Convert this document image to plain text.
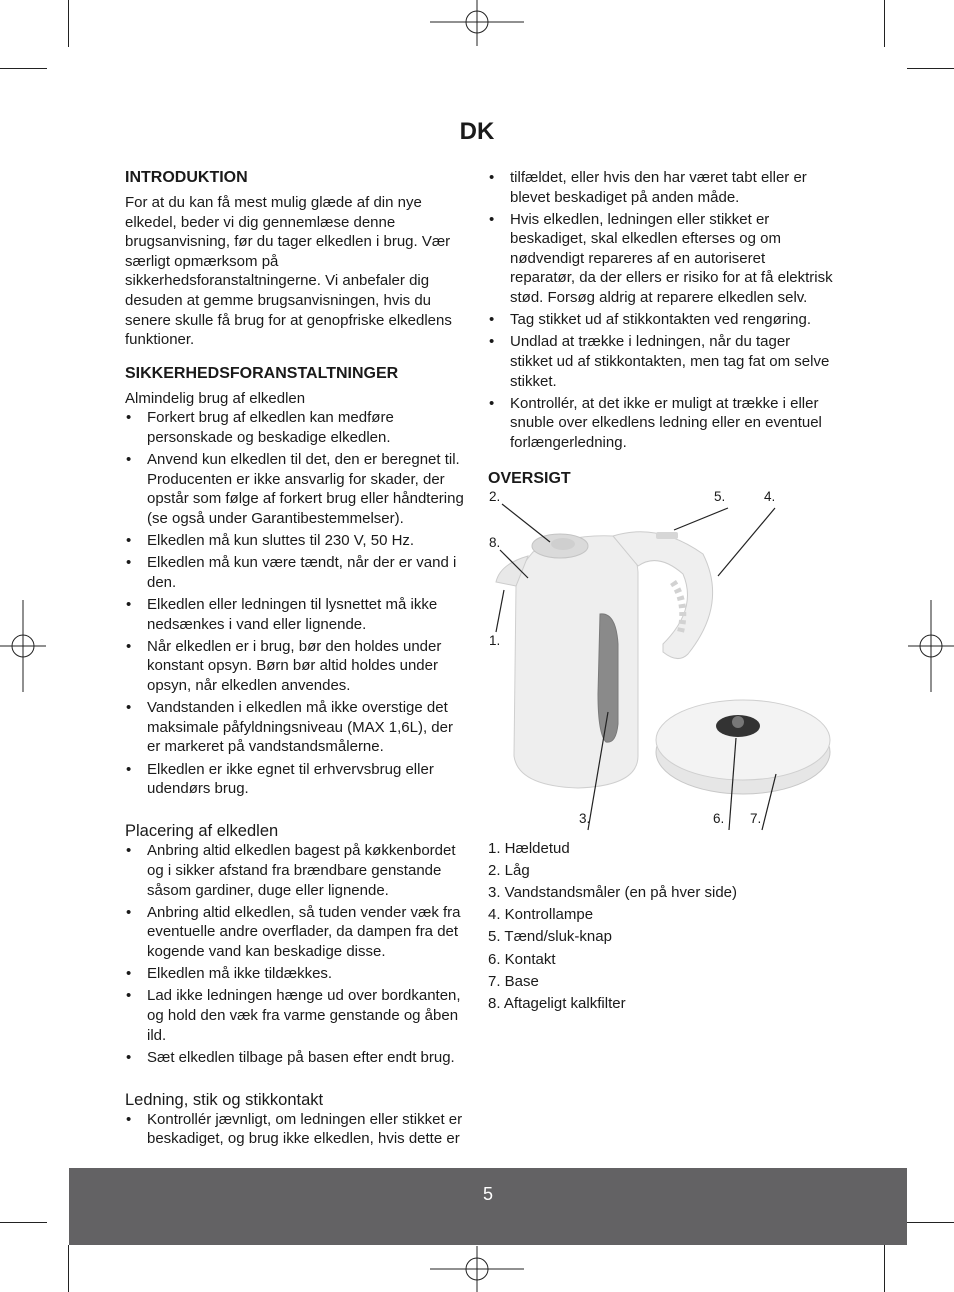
DK
INTRODUKTION

For at du kan få mest mulig glæde af din nye elkedel, beder vi dig gennemlæse denne brugsanvisning, før du tager elkedlen i brug. Vær særligt opmærksom på sikkerhedsforanstaltningerne. Vi anbefaler dig desuden at gemme brugsanvisningen, hvis du senere skulle få brug for at genopfriske elkedlens funktioner.

SIKKERHEDSFORANSTALTNINGER

Almindelig brug af elkedlen

• Forkert brug af elkedlen kan medføre personskade og beskadige elkedlen.
• Anvend kun elkedlen til det, den er beregnet til. Producenten er ikke ansvarlig for skader, der opstår som følge af forkert brug eller håndtering (se også under Garantibestemmelser).
• Elkedlen må kun sluttes til 230 V, 50 Hz.
• Elkedlen må kun være tændt, når der er vand i den.
• Elkedlen eller ledningen til lysnettet må ikke nedsænkes i vand eller lignende.
• Når elkedlen er i brug, bør den holdes under konstant opsyn. Børn bør altid holdes under opsyn, når elkedlen anvendes.
• Vandstanden i elkedlen må ikke overstige det maksimale påfyldningsniveau (MAX 1,6L), der er markeret på vandstandsmålerne.
• Elkedlen er ikke egnet til erhvervsbrug eller udendørs brug.
Placering af elkedlen
• Anbring altid elkedlen bagest på køkkenbordet og i sikker afstand fra brændbare genstande såsom gardiner, duge eller lignende.
• Anbring altid elkedlen, så tuden vender væk fra eventuelle andre overflader, da dampen fra det kogende vand kan beskadige disse.
• Elkedlen må ikke tildækkes.
• Lad ikke ledningen hænge ud over bordkanten, og hold den væk fra varme genstande og åben ild.
• Sæt elkedlen tilbage på basen efter endt brug.
Ledning, stik og stikkontakt
• Kontrollér jævnligt, om ledningen eller stikket er beskadiget, og brug ikke elkedlen, hvis dette er
• tilfældet, eller hvis den har været tabt eller er blevet beskadiget på anden måde.
• Hvis elkedlen, ledningen eller stikket er beskadiget, skal elkedlen efterses og om nødvendigt repareres af en autoriseret reparatør, da der ellers er risiko for at få elektrisk stød. Forsøg aldrig at reparere elkedlen selv.
• Tag stikket ud af stikkontakten ved rengøring.
• Undlad at trække i ledningen, når du tager stikket ud af stikkontakten, men tag fat om selve stikket.
• Kontrollér, at det ikke er muligt at trække i eller snuble over elkedlens ledning eller en eventuel forlængerledning.
OVERSIGT
2.	5.	4.
8.
1.
3.	6. 7.
1. Hældetud
2. Låg
3. Vandstandsmåler (en på hver side)
4. Kontrollampe
5. Tænd/sluk-knap
6. Kontakt
7. Base
8. Aftageligt kalkfilter
5
